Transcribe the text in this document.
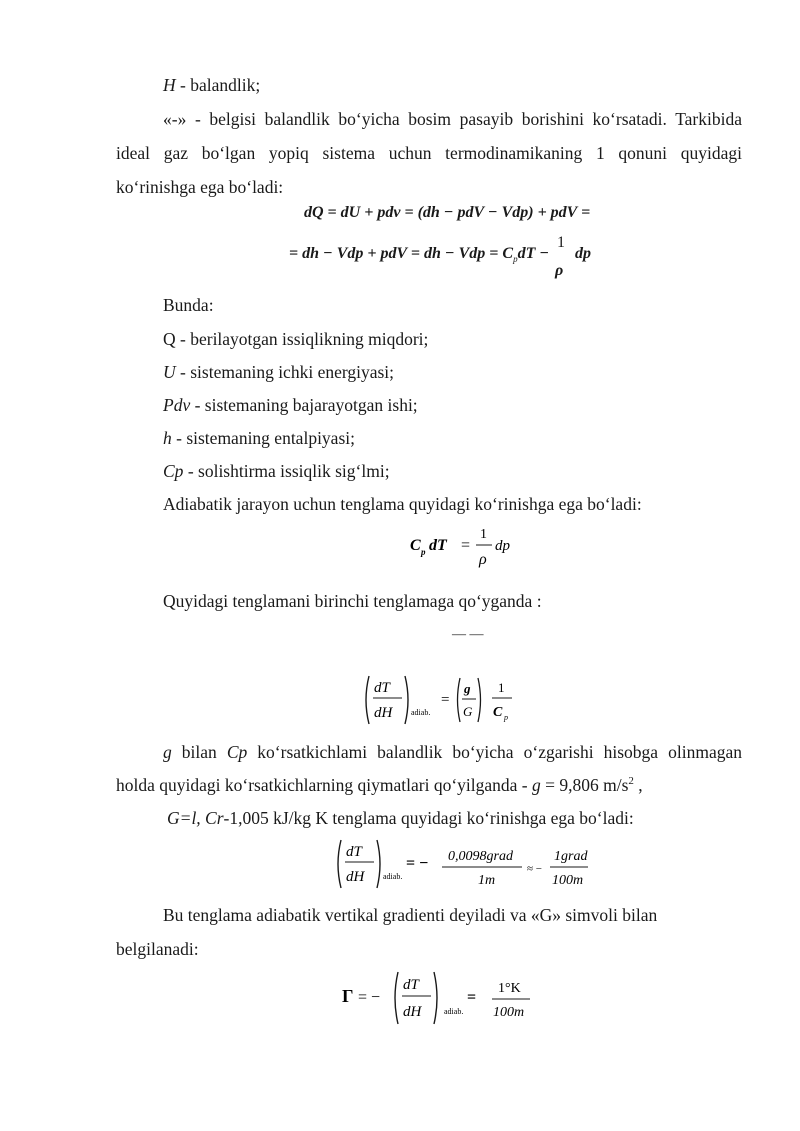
H - balandlik;
«-» - belgisi balandlik bo‘yicha bosim pasayib borishini ko‘rsatadi. Tarkibida
ideal gaz bo‘lgan yopiq sistema uchun termodinamikaning 1 qonuni quyidagi
ko‘rinishga ega bo‘ladi:
dQ = dU + pdv = (dh − pdV − Vdp) + pdV =
= dh − Vdp + pdV = dh − Vdp = $C_pdT$ −
1
ρ
dp
Bunda:
Q - berilayotgan issiqlikning miqdori;
U - sistemaning ichki energiyasi;
Pdv - sistemaning bajarayotgan ishi;
h - sistemaning entalpiyasi;
Cp - solishtirma issiqlik sig‘lmi;
Adiabatik jarayon uchun tenglama quyidagi ko‘rinishga ega bo‘ladi:
C p dT =
1
ρ
dp
Quyidagi tenglamani birinchi tenglamaga qo‘yganda :
— —
dT
dH adiab.
=
g
G
1
C p
g bilan Cp ko‘rsatkichlami balandlik bo‘yicha o‘zgarishi hisobga olinmagan
holda quyidagi ko‘rsatkichlarning qiymatlari qo‘yilganda - g = 9,806 $m/s^2$ ,
G=l, Cr-1,005 kJ/kg K tenglama quyidagi ko‘rinishga ega bo‘ladi:
dT
dH adiab.
= − 0,0098grad
1m
≈ −
1grad
100m
Bu tenglama adiabatik vertikal gradienti deyiladi va «G» simvoli bilan
belgilanadi:
Γ = −
dT
dH	adiab.
=
1°K
100m
